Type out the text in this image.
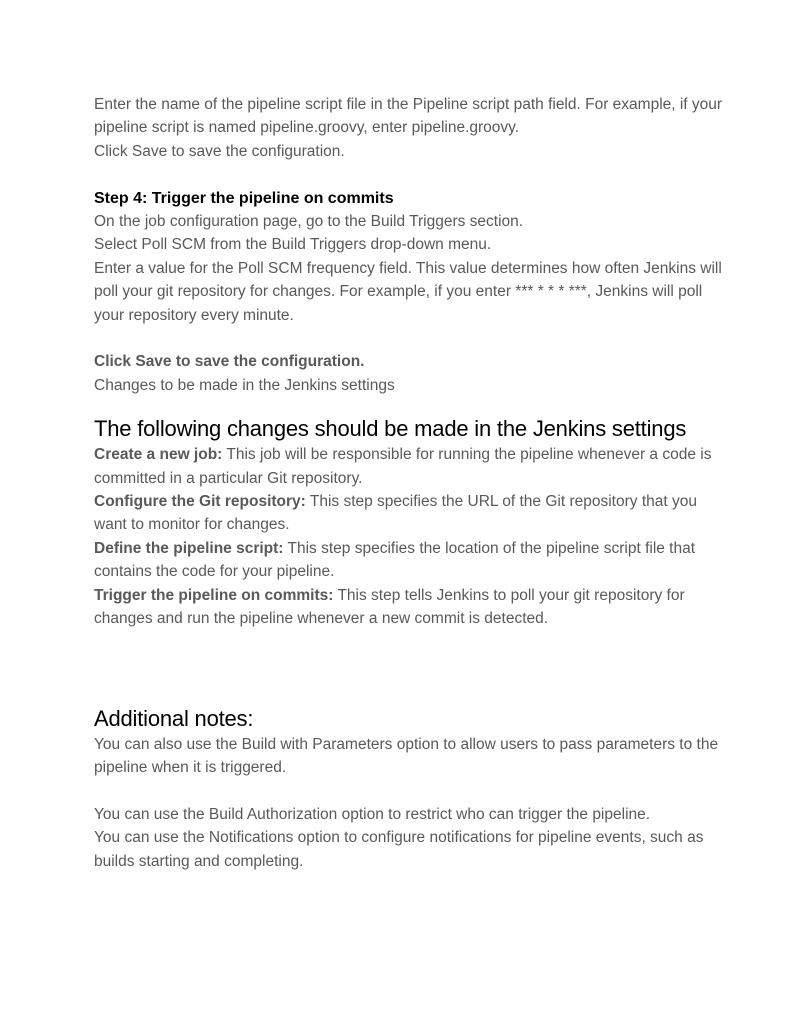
Enter the name of the pipeline script file in the Pipeline script path field. For example, if your pipeline script is named pipeline.groovy, enter pipeline.groovy.

Click Save to save the configuration.

Step 4: Trigger the pipeline on commits

On the job configuration page, go to the Build Triggers section.

Select Poll SCM from the Build Triggers drop-down menu.

Enter a value for the Poll SCM frequency field. This value determines how often Jenkins will poll your git repository for changes. For example, if you enter *** * * * ***, Jenkins will poll your repository every minute.

Click Save to save the configuration.

Changes to be made in the Jenkins settings

The following changes should be made in the Jenkins settings

Create a new job: This job will be responsible for running the pipeline whenever a code is committed in a particular Git repository.

Configure the Git repository: This step specifies the URL of the Git repository that you want to monitor for changes.

Define the pipeline script: This step specifies the location of the pipeline script file that contains the code for your pipeline.

Trigger the pipeline on commits: This step tells Jenkins to poll your git repository for changes and run the pipeline whenever a new commit is detected.

Additional notes:

You can also use the Build with Parameters option to allow users to pass parameters to the pipeline when it is triggered.

You can use the Build Authorization option to restrict who can trigger the pipeline.

You can use the Notifications option to configure notifications for pipeline events, such as builds starting and completing.
